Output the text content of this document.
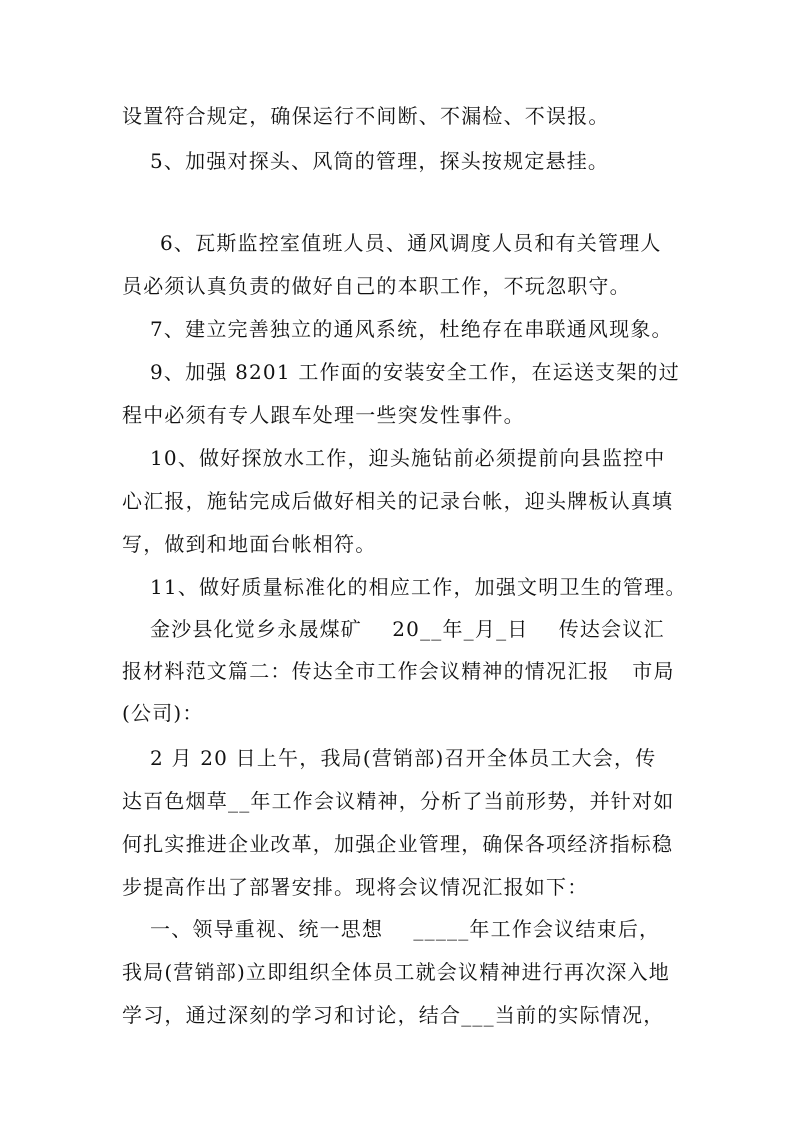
设置符合规定，确保运行不间断、不漏检、不误报。
5、加强对探头、风筒的管理，探头按规定悬挂。
6、瓦斯监控室值班人员、通风调度人员和有关管理人
员必须认真负责的做好自己的本职工作，不玩忽职守。
7、建立完善独立的通风系统，杜绝存在串联通风现象。
9、加强 8201 工作面的安装安全工作，在运送支架的过
程中必须有专人跟车处理一些突发性事件。
10、做好探放水工作，迎头施钻前必须提前向县监控中
心汇报，施钻完成后做好相关的记录台帐，迎头牌板认真填
写，做到和地面台帐相符。
11、做好质量标准化的相应工作，加强文明卫生的管理。
金沙县化觉乡永晟煤矿    20__年_月_日    传达会议汇
报材料范文篇二：传达全市工作会议精神的情况汇报   市局
(公司)：
2 月 20 日上午，我局(营销部)召开全体员工大会，传
达百色烟草__年工作会议精神，分析了当前形势，并针对如
何扎实推进企业改革，加强企业管理，确保各项经济指标稳
步提高作出了部署安排。现将会议情况汇报如下：
一、领导重视、统一思想    _____年工作会议结束后，
我局(营销部)立即组织全体员工就会议精神进行再次深入地
学习，通过深刻的学习和讨论，结合___当前的实际情况，
